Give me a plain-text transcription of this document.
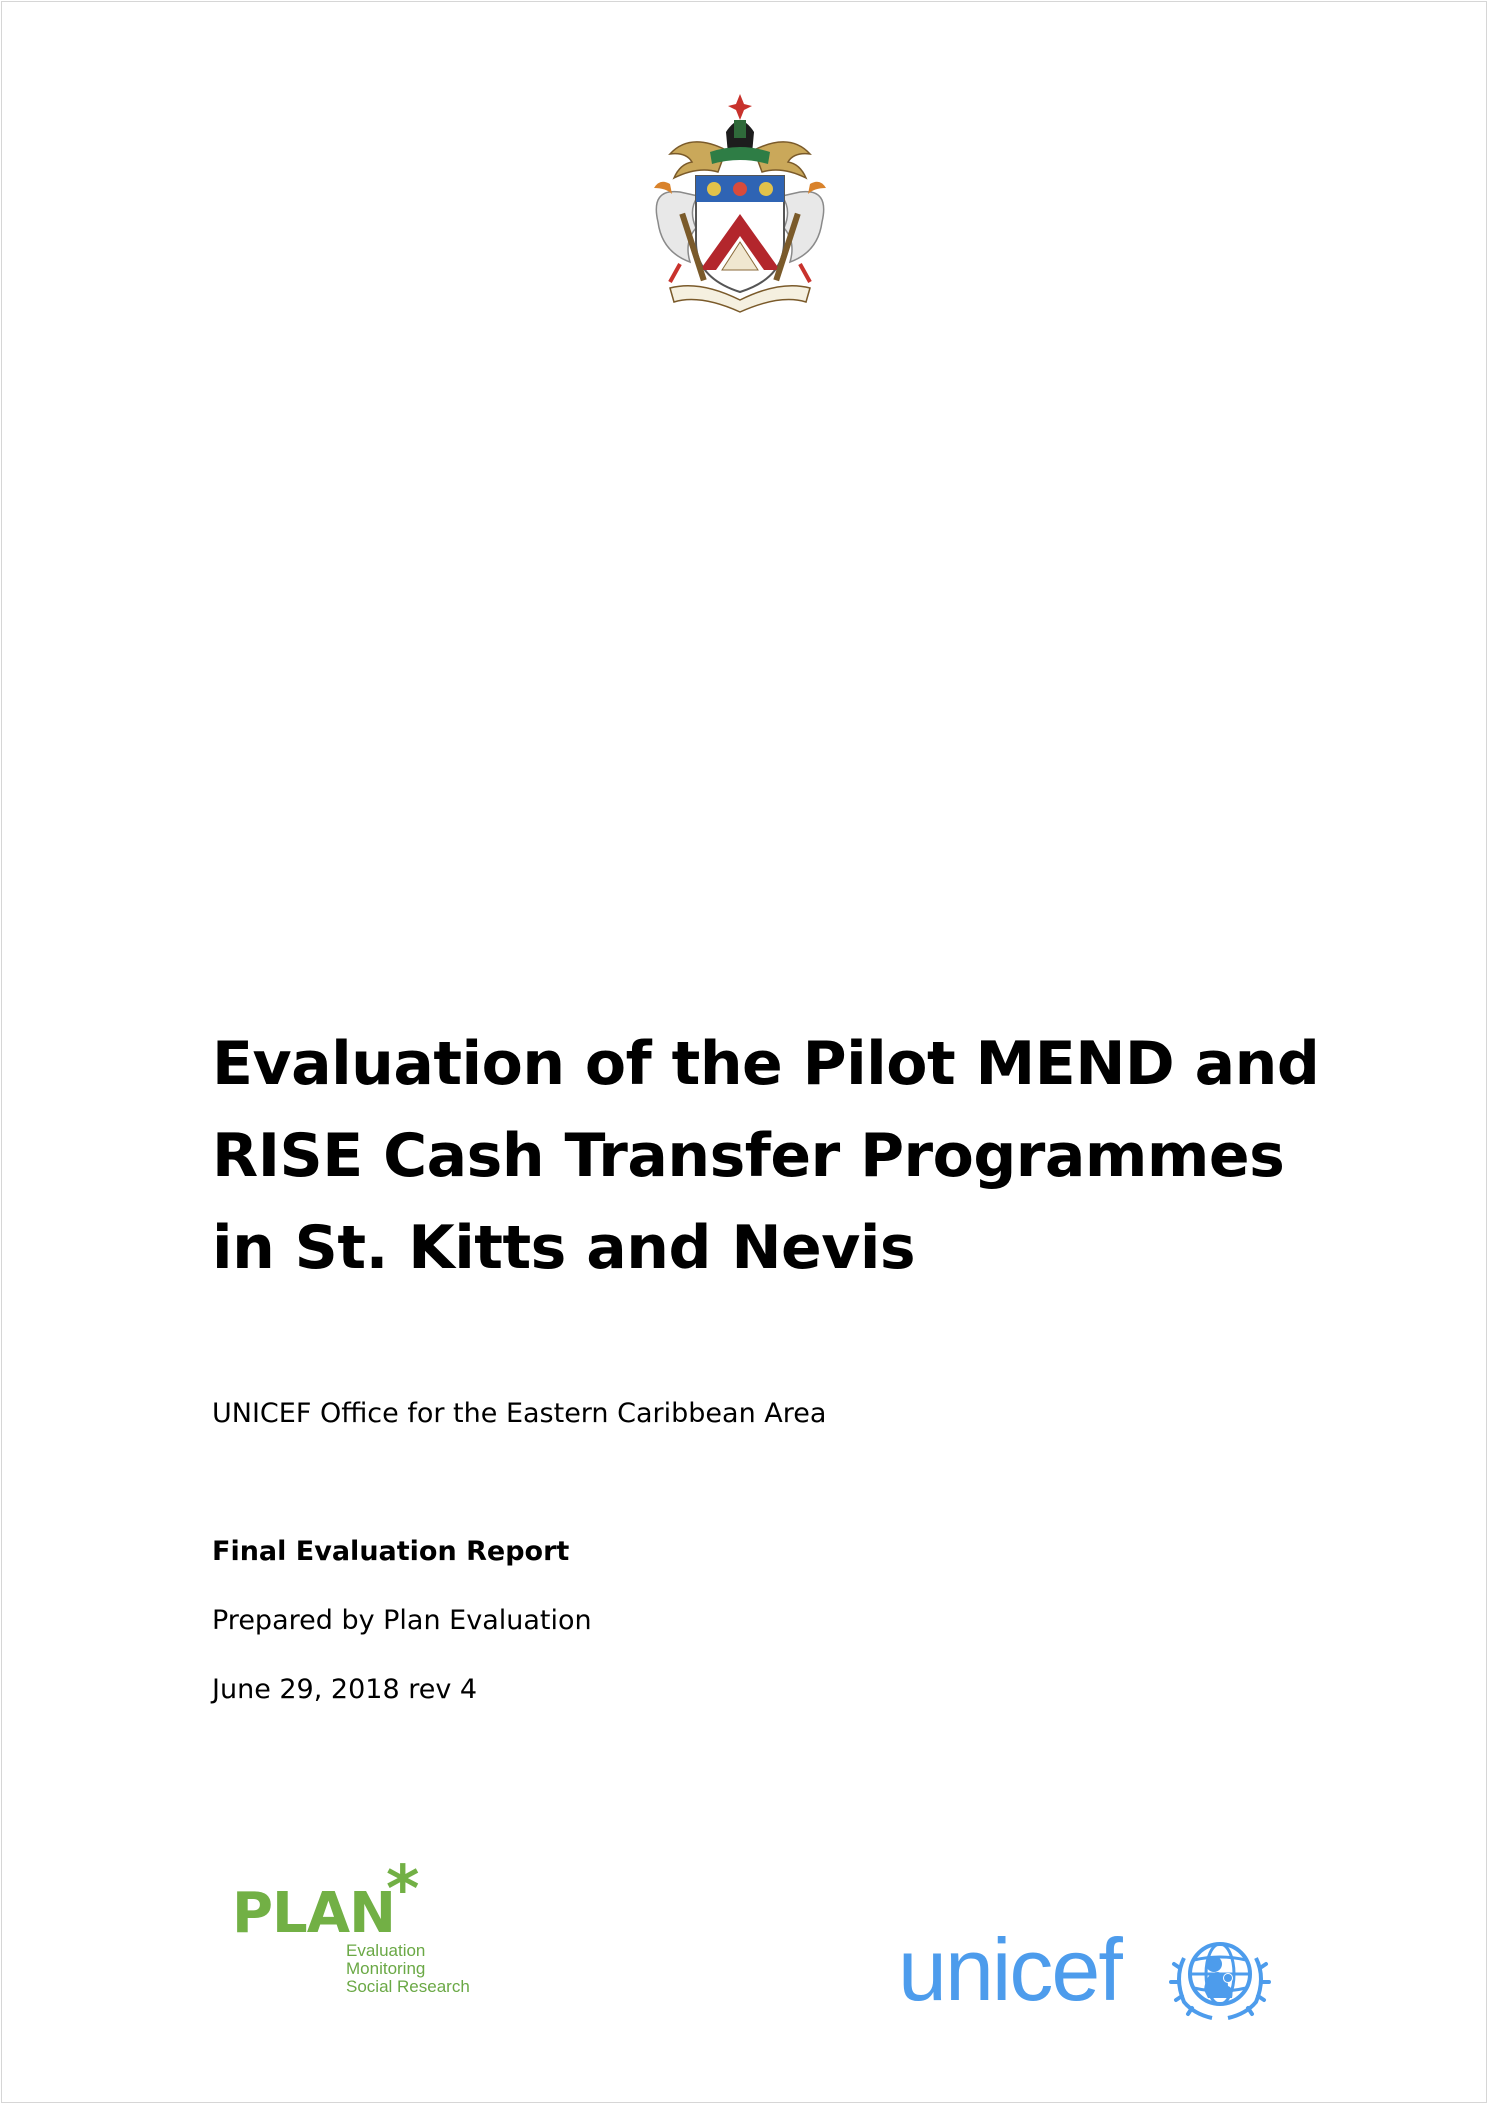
Evaluation of the Pilot MEND and
RISE Cash Transfer Programmes
in St. Kitts and Nevis
UNICEF Office for the Eastern Caribbean Area
Final Evaluation Report
Prepared by Plan Evaluation
June 29, 2018 rev 4
PLAN
*
Evaluation
Monitoring
Social Research	unicef
